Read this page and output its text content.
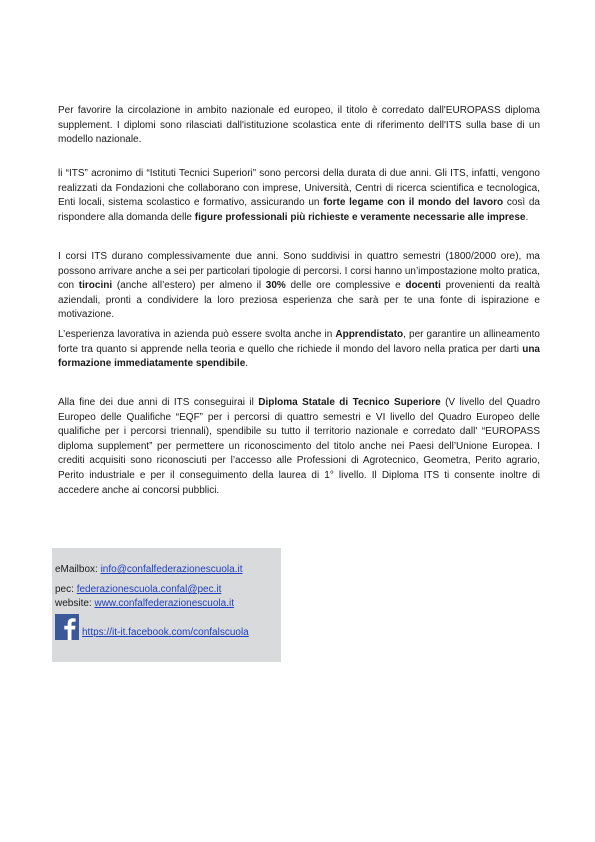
Per favorire la circolazione in ambito nazionale ed europeo, il titolo è corredato dall'EUROPASS diploma supplement. I diplomi sono rilasciati dall'istituzione scolastica ente di riferimento dell'ITS sulla base di un modello nazionale.

li “ITS” acronimo di “Istituti Tecnici Superiori” sono percorsi della durata di due anni. Gli ITS, infatti, vengono realizzati da Fondazioni che collaborano con imprese, Università, Centri di ricerca scientifica e tecnologica, Enti locali, sistema scolastico e formativo, assicurando un forte legame con il mondo del lavoro così da rispondere alla domanda delle figure professionali più richieste e veramente necessarie alle imprese.

I corsi ITS durano complessivamente due anni. Sono suddivisi in quattro semestri (1800/2000 ore), ma possono arrivare anche a sei per particolari tipologie di percorsi. I corsi hanno un’impostazione molto pratica, con tirocini (anche all’estero) per almeno il 30% delle ore complessive e docenti provenienti da realtà aziendali, pronti a condividere la loro preziosa esperienza che sarà per te una fonte di ispirazione e motivazione.

L’esperienza lavorativa in azienda può essere svolta anche in Apprendistato, per garantire un allineamento forte tra quanto si apprende nella teoria e quello che richiede il mondo del lavoro nella pratica per darti una formazione immediatamente spendibile.

Alla fine dei due anni di ITS conseguirai il Diploma Statale di Tecnico Superiore (V livello del Quadro Europeo delle Qualifiche “EQF” per i percorsi di quattro semestri e VI livello del Quadro Europeo delle qualifiche per i percorsi triennali), spendibile su tutto il territorio nazionale e corredato dall' “EUROPASS diploma supplement” per permettere un riconoscimento del titolo anche nei Paesi dell’Unione Europea. I crediti acquisiti sono riconosciuti per l’accesso alle Professioni di Agrotecnico, Geometra, Perito agrario, Perito industriale e per il conseguimento della laurea di 1° livello. Il Diploma ITS ti consente inoltre di accedere anche ai concorsi pubblici.

eMailbox: info@confalfederazionescuola.it
pec: federazionescuola.confal@pec.it
website: www.confalfederazionescuola.it
https://it-it.facebook.com/confalscuola
